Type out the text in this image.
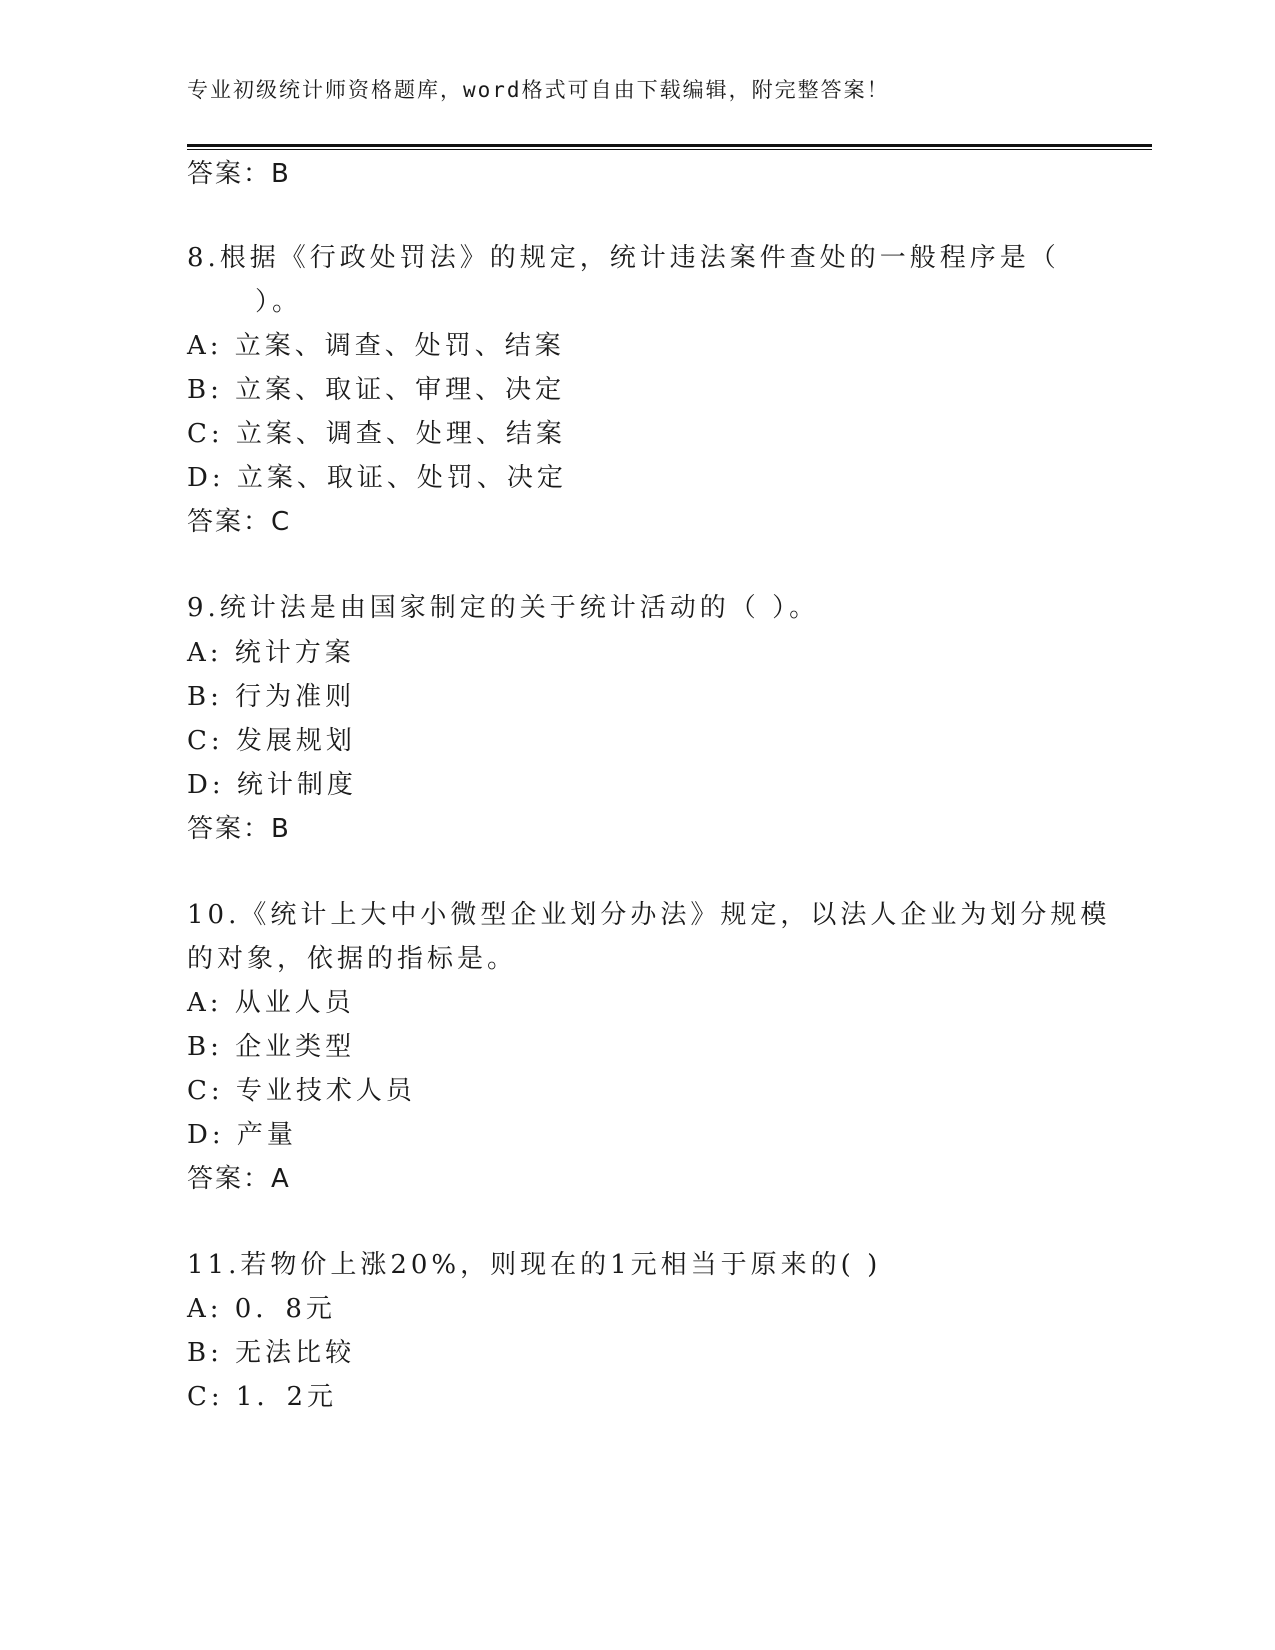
专业初级统计师资格题库，word格式可自由下载编辑，附完整答案！
答案：B
8.根据《行政处罚法》的规定，统计违法案件查处的一般程序是（
）。
A: 立案、调查、处罚、结案
B: 立案、取证、审理、决定
C: 立案、调查、处理、结案
D: 立案、取证、处罚、决定
答案：C
9.统计法是由国家制定的关于统计活动的（ ）。
A: 统计方案
B: 行为准则
C: 发展规划
D: 统计制度
答案：B
10.《统计上大中小微型企业划分办法》规定，以法人企业为划分规模
的对象，依据的指标是。
A: 从业人员
B: 企业类型
C: 专业技术人员
D: 产量
答案：A
11.若物价上涨20%，则现在的1元相当于原来的( )
A: 0．8元
B: 无法比较
C: 1．2元
